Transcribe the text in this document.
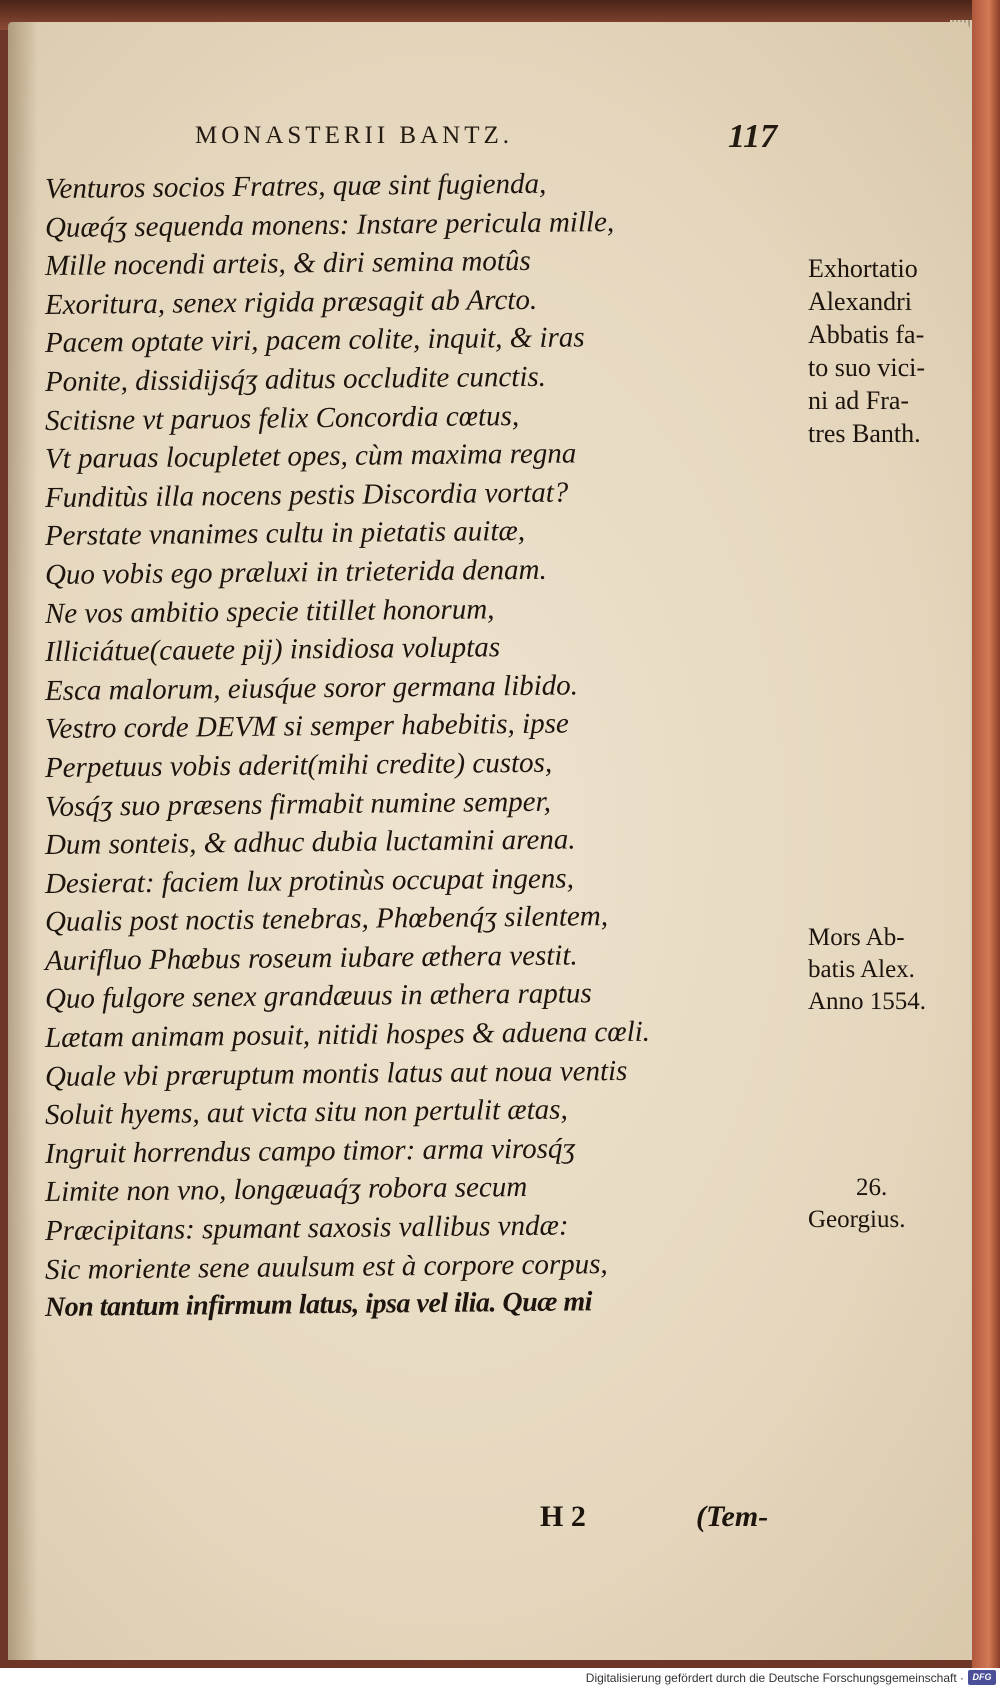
MONASTERII BANTZ.	117
Venturos socios Fratres, quæ sint fugienda,
Quæq́ʒ sequenda monens: Instare pericula mille,
Mille nocendi arteis, & diri semina motûs
Exoritura, senex rigida præsagit ab Arcto.
Pacem optate viri, pacem colite, inquit, & iras
Ponite, dissidijsq́ʒ aditus occludite cunctis.
Scitisne vt paruos felix Concordia cœtus,
Vt paruas locupletet opes, cùm maxima regna
Funditùs illa nocens pestis Discordia vortat?
Perstate vnanimes cultu in pietatis auitæ,
Quo vobis ego præluxi in trieterida denam.
Ne vos ambitio specie titillet honorum,
Illiciátue(cauete pij) insidiosa voluptas
Esca malorum, eiusq́ue soror germana libido.
Vestro corde DEVM si semper habebitis, ipse
Perpetuus vobis aderit(mihi credite) custos,
Vosq́ʒ suo præsens firmabit numine semper,
Dum sonteis, & adhuc dubia luctamini arena.
Desierat: faciem lux protinùs occupat ingens,
Qualis post noctis tenebras, Phœbenq́ʒ silentem,
Aurifluo Phœbus roseum iubare æthera vestit.
Quo fulgore senex grandæuus in æthera raptus
Lætam animam posuit, nitidi hospes & aduena cœli.
Quale vbi præruptum montis latus aut noua ventis
Soluit hyems, aut victa situ non pertulit ætas,
Ingruit horrendus campo timor: arma virosq́ʒ
Limite non vno, longæuaq́ʒ robora secum
Præcipitans: spumant saxosis vallibus vndæ:
Sic moriente sene auulsum est à corpore corpus,
Non tantum infirmum latus, ipsa vel ilia. Quæ mi
Exhortatio
Alexandri
Abbatis fa-
to suo vici-
ni ad Fra-
tres Banth.
Mors Ab-
batis Alex.
Anno 1554.
26.
Georgius.
H 2	(Tem-
Digitalisierung gefördert durch die Deutsche Forschungsgemeinschaft · DFG
